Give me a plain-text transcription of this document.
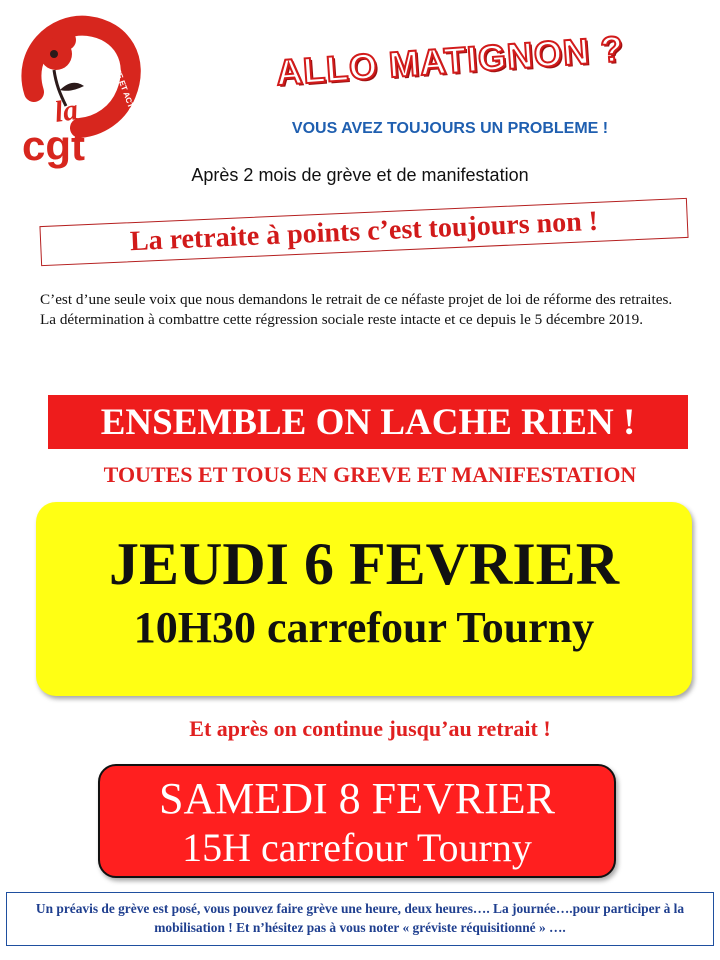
SANTE ET ACTION SOCIALE
la
cgt
ALLO MATIGNON ?
VOUS AVEZ TOUJOURS UN PROBLEME !
Après 2 mois de grève et de manifestation
La retraite à points c’est toujours non !

C’est d’une seule voix que nous demandons le retrait de ce néfaste projet de loi de réforme des retraites.

La détermination à combattre cette régression sociale reste intacte et ce depuis le 5 décembre 2019.

ENSEMBLE ON LACHE RIEN !
TOUTES ET TOUS EN GREVE ET MANIFESTATION
JEUDI 6 FEVRIER
10H30 carrefour Tourny
Et après on continue jusqu’au retrait !
SAMEDI 8 FEVRIER
15H carrefour Tourny
Un préavis de grève est posé, vous pouvez faire grève une heure, deux heures…. La journée….pour participer à la mobilisation ! Et n’hésitez pas à vous noter « gréviste réquisitionné » ….
